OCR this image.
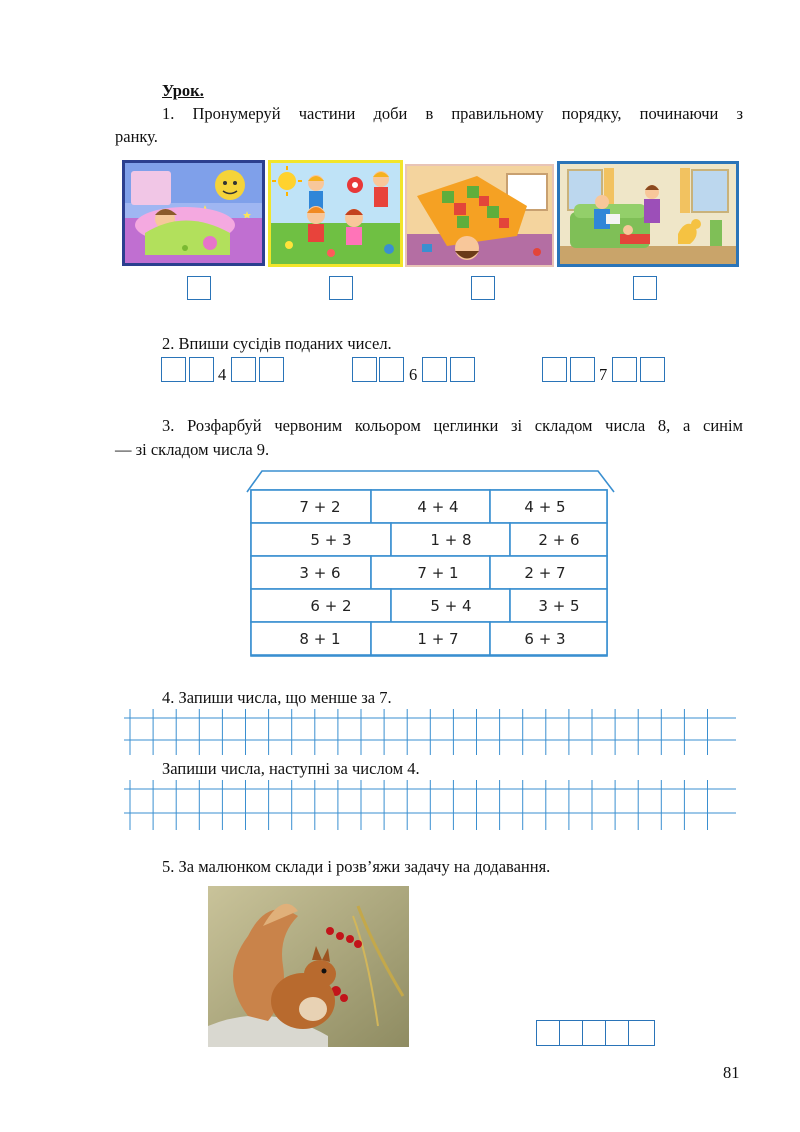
Урок.
1. Пронумеруй частини доби в правильному порядку, починаючи з
ранку.
2. Впиши сусідів поданих чисел.
4	6	7
3. Розфарбуй червоним кольором цеглинки зі складом числа 8, а синім
— зі складом числа 9.
7 + 2	4 + 4	4 + 5
5 + 3	1 + 8	2 + 6
3 + 6	7 + 1	2 + 7
6 + 2	5 + 4	3 + 5
8 + 1	1 + 7	6 + 3
4. Запиши числа, що менше за 7.
Запиши числа, наступні за числом 4.
5. За малюнком склади і розв’яжи задачу на додавання.
81
